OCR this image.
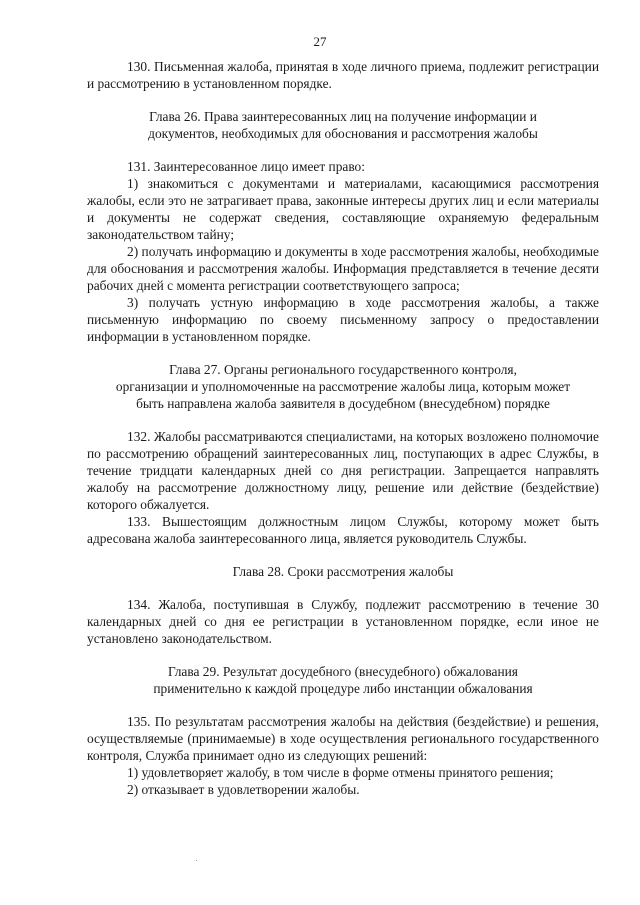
27

130. Письменная жалоба, принятая в ходе личного приема, подлежит регистрации и рассмотрению в установленном порядке.

Глава 26. Права заинтересованных лиц на получение информации и
документов, необходимых для обоснования и рассмотрения жалобы

131. Заинтересованное лицо имеет право:

1) знакомиться с документами и материалами, касающимися рассмотрения жалобы, если это не затрагивает права, законные интересы других лиц и если материалы и документы не содержат сведения, составляющие охраняемую федеральным законодательством тайну;

2) получать информацию и документы в ходе рассмотрения жалобы, необходимые для обоснования и рассмотрения жалобы. Информация представляется в течение десяти рабочих дней с момента регистрации соответствующего запроса;

3) получать устную информацию в ходе рассмотрения жалобы, а также письменную информацию по своему письменному запросу о предоставлении информации в установленном порядке.

Глава 27. Органы регионального государственного контроля,
организации и уполномоченные на рассмотрение жалобы лица, которым может
быть направлена жалоба заявителя в досудебном (внесудебном) порядке

132. Жалобы рассматриваются специалистами, на которых возложено полномочие по рассмотрению обращений заинтересованных лиц, поступающих в адрес Службы, в течение тридцати календарных дней со дня регистрации. Запрещается направлять жалобу на рассмотрение должностному лицу, решение или действие (бездействие) которого обжалуется.

133. Вышестоящим должностным лицом Службы, которому может быть адресована жалоба заинтересованного лица, является руководитель Службы.

Глава 28. Сроки рассмотрения жалобы

134. Жалоба, поступившая в Службу, подлежит рассмотрению в течение 30 календарных дней со дня ее регистрации в установленном порядке, если иное не установлено законодательством.

Глава 29. Результат досудебного (внесудебного) обжалования
применительно к каждой процедуре либо инстанции обжалования

135. По результатам рассмотрения жалобы на действия (бездействие) и решения, осуществляемые (принимаемые) в ходе осуществления регионального государственного контроля, Служба принимает одно из следующих решений:

1) удовлетворяет жалобу, в том числе в форме отмены принятого решения;

2) отказывает в удовлетворении жалобы.
